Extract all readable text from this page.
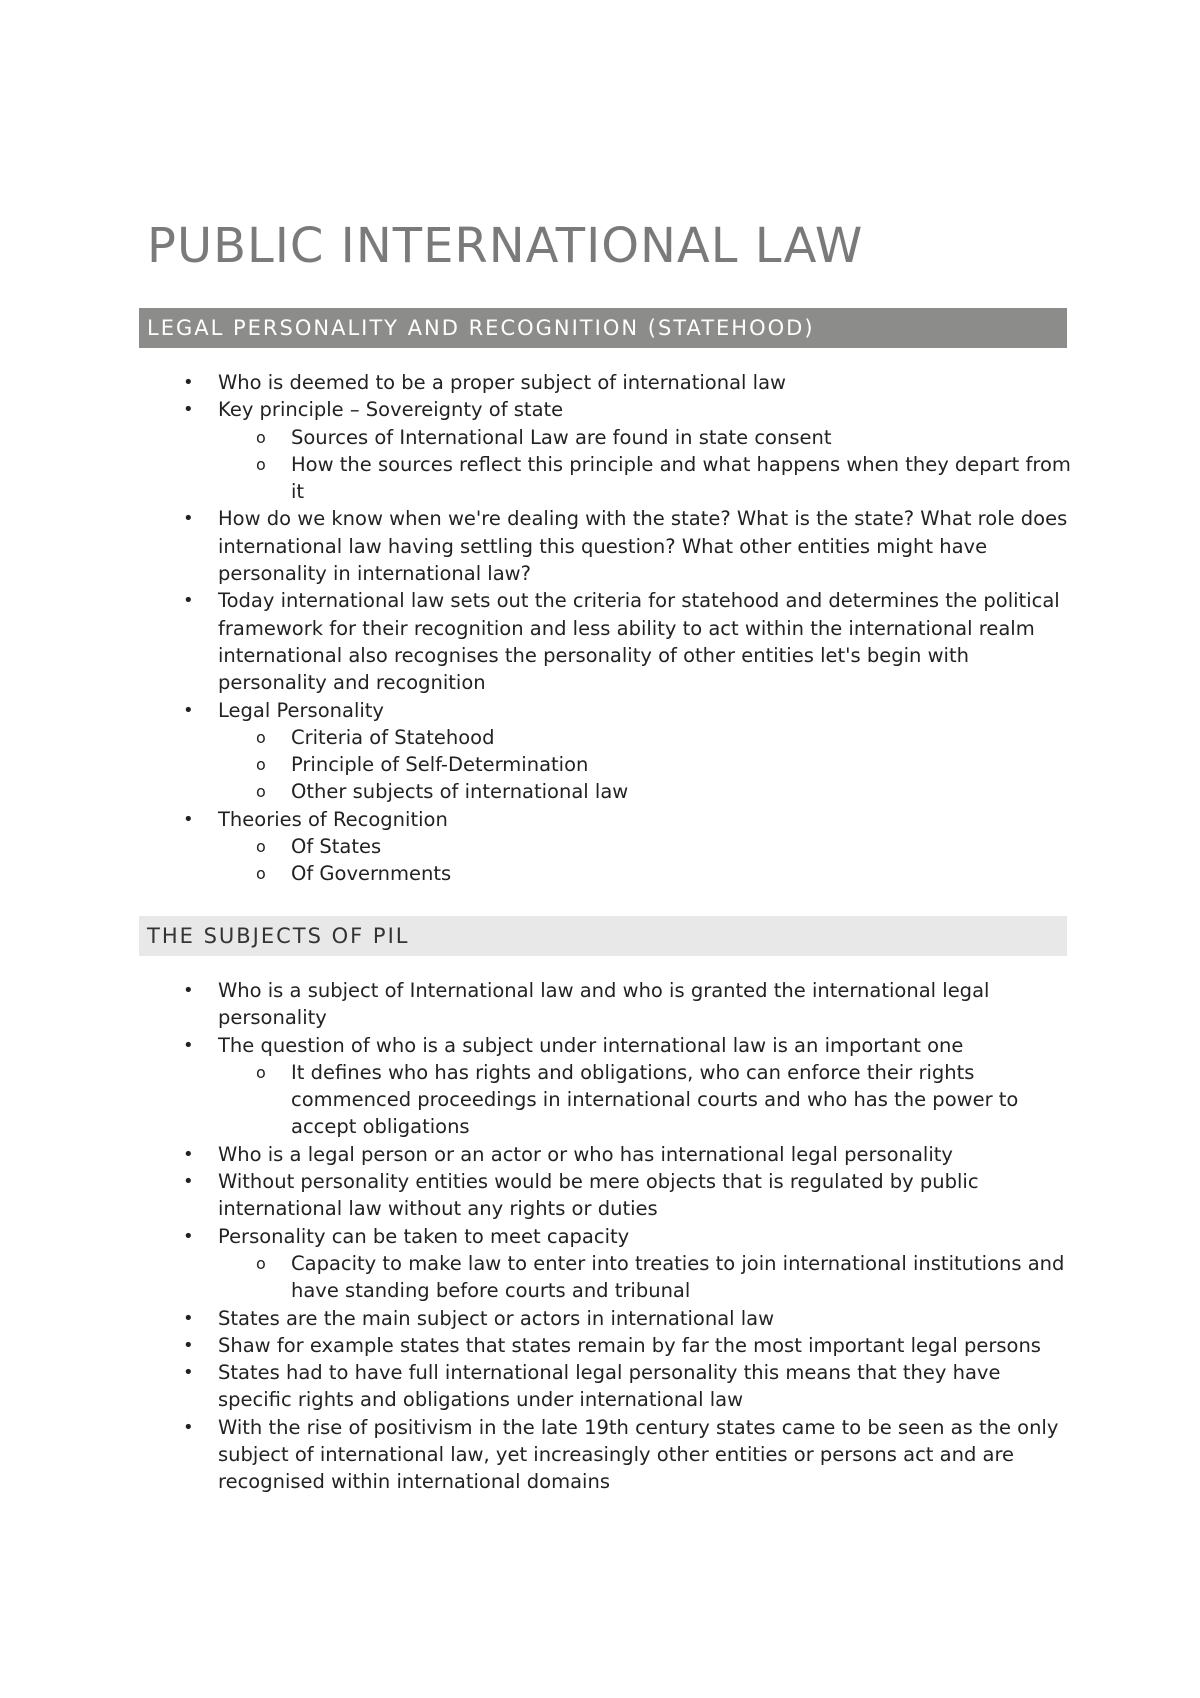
PUBLIC INTERNATIONAL LAW
LEGAL PERSONALITY AND RECOGNITION (STATEHOOD)
• Who is deemed to be a proper subject of international law
• Key principle – Sovereignty of state
o Sources of International Law are found in state consent
o How the sources reflect this principle and what happens when they depart from it
• How do we know when we're dealing with the state? What is the state? What role does international law having settling this question? What other entities might have personality in international law?
• Today international law sets out the criteria for statehood and determines the political framework for their recognition and less ability to act within the international realm international also recognises the personality of other entities let's begin with personality and recognition
• Legal Personality
o Criteria of Statehood
o Principle of Self-Determination
o Other subjects of international law
• Theories of Recognition
o Of States
o Of Governments
THE SUBJECTS OF PIL
• Who is a subject of International law and who is granted the international legal personality
• The question of who is a subject under international law is an important one
o It defines who has rights and obligations, who can enforce their rights commenced proceedings in international courts and who has the power to accept obligations
• Who is a legal person or an actor or who has international legal personality
• Without personality entities would be mere objects that is regulated by public international law without any rights or duties
• Personality can be taken to meet capacity
o Capacity to make law to enter into treaties to join international institutions and have standing before courts and tribunal
• States are the main subject or actors in international law
• Shaw for example states that states remain by far the most important legal persons
• States had to have full international legal personality this means that they have specific rights and obligations under international law
• With the rise of positivism in the late 19th century states came to be seen as the only subject of international law, yet increasingly other entities or persons act and are recognised within international domains
